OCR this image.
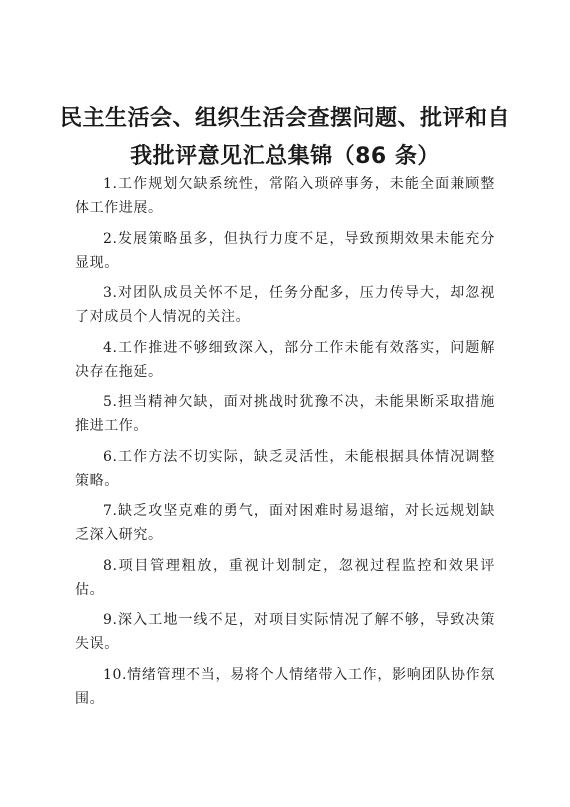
民主生活会、组织生活会查摆问题、批评和自
我批评意见汇总集锦（86 条）
1.工作规划欠缺系统性，常陷入琐碎事务，未能全面兼顾整体工作进展。
2.发展策略虽多，但执行力度不足，导致预期效果未能充分显现。
3.对团队成员关怀不足，任务分配多，压力传导大，却忽视了对成员个人情况的关注。
4.工作推进不够细致深入，部分工作未能有效落实，问题解决存在拖延。
5.担当精神欠缺，面对挑战时犹豫不决，未能果断采取措施推进工作。
6.工作方法不切实际，缺乏灵活性，未能根据具体情况调整策略。
7.缺乏攻坚克难的勇气，面对困难时易退缩，对长远规划缺乏深入研究。
8.项目管理粗放，重视计划制定，忽视过程监控和效果评估。
9.深入工地一线不足，对项目实际情况了解不够，导致决策失误。
10.情绪管理不当，易将个人情绪带入工作，影响团队协作氛围。
